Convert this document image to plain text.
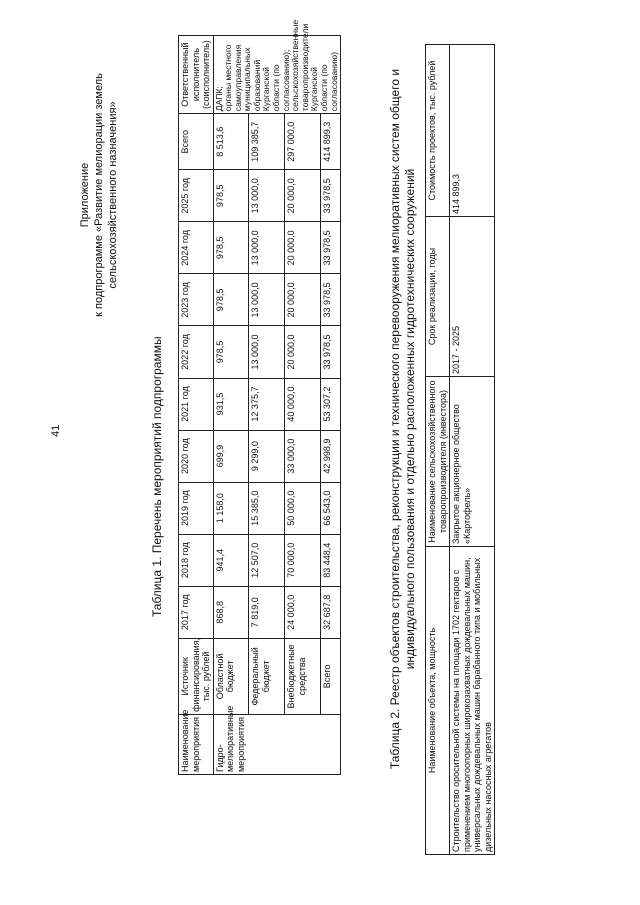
41
Приложение к подпрограмме «Развитие мелиорации земель сельскохозяйственного назначения»
Таблица 1. Перечень мероприятий подпрограммы
Наименование мероприятия	Источник финансирования, тыс. рублей	2017 год	2018 год	2019 год	2020 год	2021 год	2022 год	2023 год	2024 год	2025 год	Всего	Ответственный исполнитель (соисполнитель)
Гидро-мелиоративные мероприятия	Областной бюджет	868,8	941,4	1 158,0	699,9	931,5	978,5	978,5	978,5	978,5	8 513,6	ДАПК; органы местного самоуправления муниципальных образований Курганской области (по согласованию); сельскохозяйственные товаропроизводители Курганской области (по согласованию)

	Федеральный бюджет	7 819,0	12 507,0	15 385,0	9 299,0	12 375,7	13 000,0	13 000,0	13 000,0	13 000,0	109 385,7	
	Внебюджетные средства	24 000,0	70 000,0	50 000,0	33 000,0	40 000,0	20 000,0	20 000,0	20 000,0	20 000,0	297 000,0	
	Всего	32 687,8	83 448,4	66 543,0	42 998,9	53 307,2	33 978,5	33 978,5	33 978,5	33 978,5	414 899,3		Таблица 2. Реестр объектов строительства, реконструкции и технического перевооружения мелиоративных систем общего и индивидуального пользования и отдельно расположенных гидротехнических сооружений
Наименование объекта, мощность	Наименование сельскохозяйственного товаропроизводителя (инвестора)	Срок реализации, годы	Стоимость проектов, тыс. рублей
Строительство оросительной системы на площади 1702 гектаров с применением многоопорных широкозахватных дождевальных машин, универсальных дождевальных машин барабанного типа и мобильных дизельных насосных агрегатов	Закрытое акционерное общество «Картофель»	2017 - 2025	414 899,3
